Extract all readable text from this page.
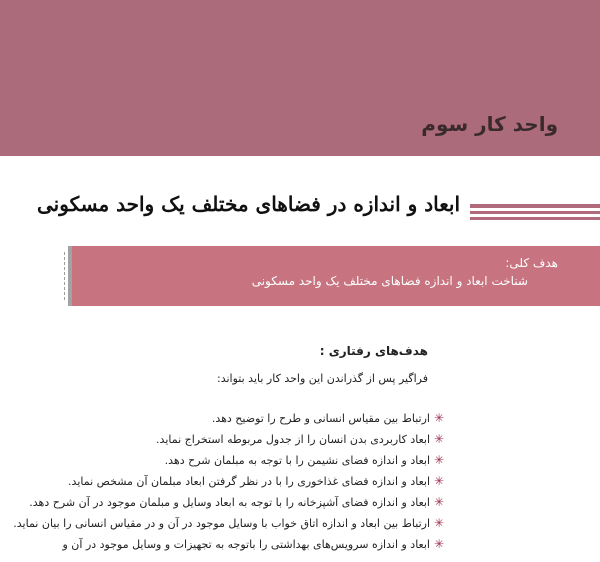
واحد کار سوم
ابعاد و اندازه در فضاهای مختلف یک واحد مسکونی
هدف کلی:
شناخت ابعاد و اندازه فضاهای مختلف یک واحد مسکونی
هدف‌های رفتاری :
فراگیر پس از گذراندن این واحد کار باید بتواند:
✳
ارتباط بین مقیاس انسانی و طرح را توضیح دهد.
✳
ابعاد کاربردی بدن انسان را از جدول مربوطه استخراج نماید.
✳
ابعاد و اندازه فضای نشیمن را با توجه به مبلمان شرح دهد.
✳
ابعاد و اندازه فضای غذاخوری را با در نظر گرفتن ابعاد مبلمان آن مشخص نماید.
✳
ابعاد و اندازه فضای آشپزخانه را با توجه به ابعاد وسایل و مبلمان موجود در آن شرح دهد.
✳
ارتباط بین ابعاد و اندازه اتاق خواب با وسایل موجود در آن و در مقیاس انسانی را بیان نماید.
✳
ابعاد و اندازه سرویس‌های بهداشتی را باتوجه به تجهیزات و وسایل موجود در آن و
